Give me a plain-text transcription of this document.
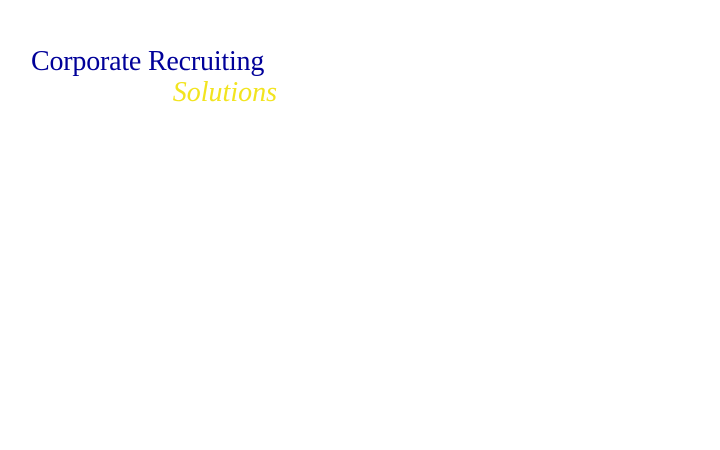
Corporate Recruiting
Solutions
